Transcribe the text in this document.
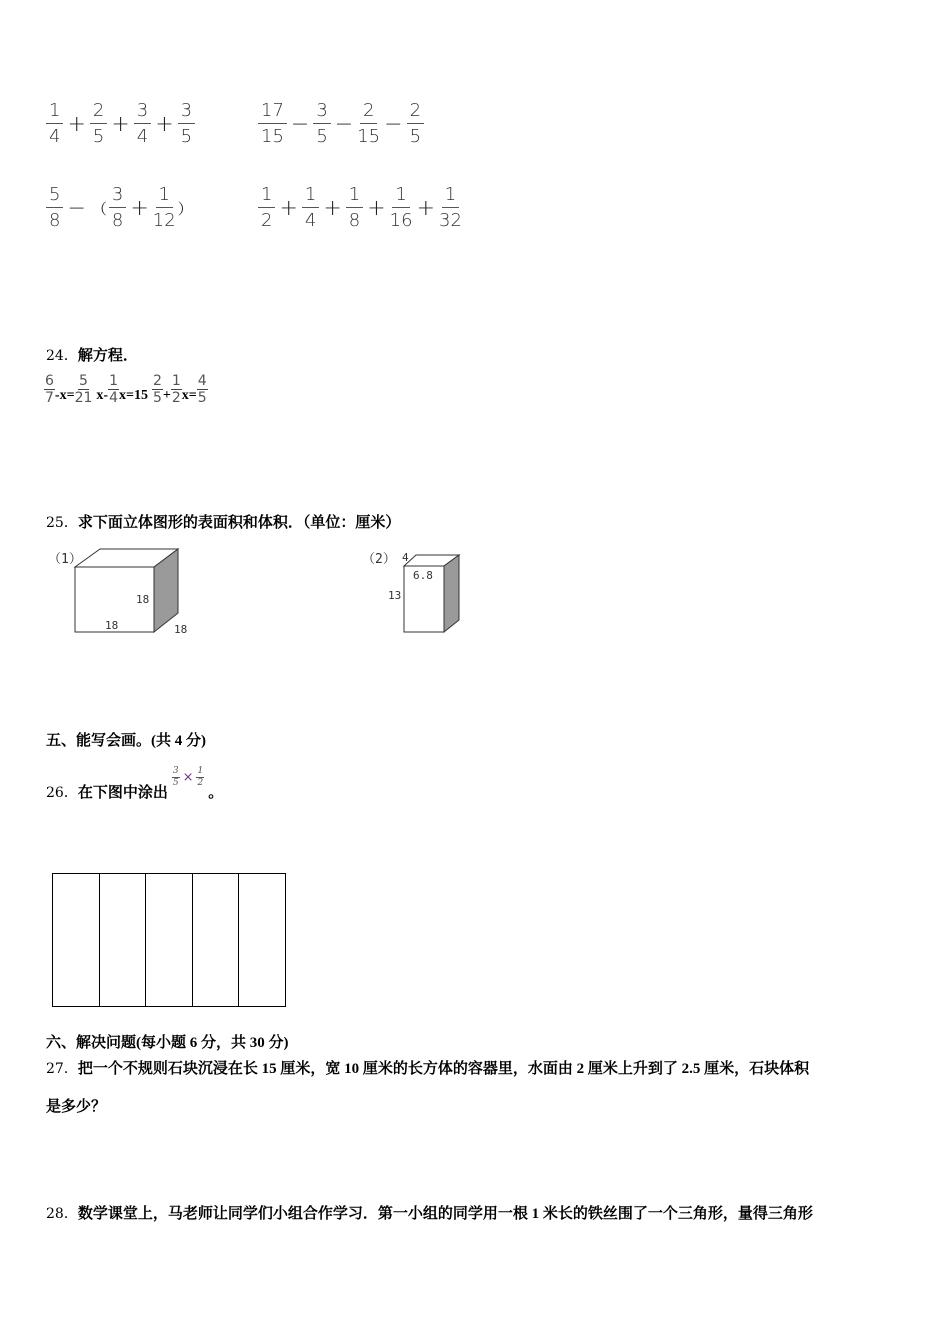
$\frac{1}{4} + \frac{2}{5} + \frac{3}{4} + \frac{3}{5}$	$\frac{17}{15} - \frac{3}{5} - \frac{2}{15} - \frac{2}{5}$
$\frac{5}{8}$ − （ $\frac{3}{8} + \frac{1}{12}$ ）	$\frac{1}{2} + \frac{1}{4} + \frac{1}{8} + \frac{1}{16} + \frac{1}{32}$
24．解方程．
$\frac{6}{7} -x= \frac{5}{21} x- \frac{1}{4} x=15 \frac{2}{5} + \frac{1}{2} x= \frac{4}{5}$
25．求下面立体图形的表面积和体积．（单位：厘米）
（1）
18
18	18
（2） 4
6.8
13
五、能写会画。(共 4 分)
26． 在下图中涂出
$\frac{3}{5} \times \frac{1}{2}$
。
六、解决问题(每小题 6 分，共 30 分)
27．把一个不规则石块沉浸在长 15 厘米，宽 10 厘米的长方体的容器里，水面由 2 厘米上升到了 2.5 厘米，石块体积
是多少？
28．数学课堂上，马老师让同学们小组合作学习．第一小组的同学用一根 1 米长的铁丝围了一个三角形，量得三角形
